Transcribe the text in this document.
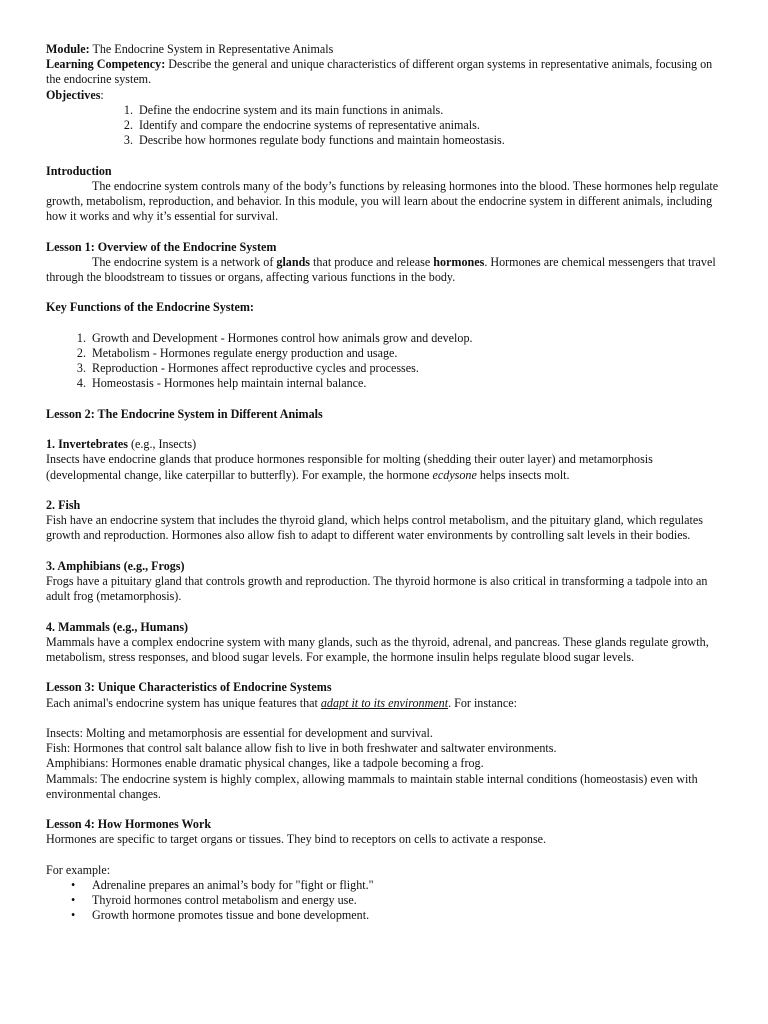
Module: The Endocrine System in Representative Animals

Learning Competency: Describe the general and unique characteristics of different organ systems in representative animals, focusing on the endocrine system.

Objectives:

1. Define the endocrine system and its main functions in animals.
2. Identify and compare the endocrine systems of representative animals.
3. Describe how hormones regulate body functions and maintain homeostasis.

Introduction

The endocrine system controls many of the body’s functions by releasing hormones into the blood. These hormones help regulate growth, metabolism, reproduction, and behavior. In this module, you will learn about the endocrine system in different animals, including how it works and why it’s essential for survival.

Lesson 1: Overview of the Endocrine System

The endocrine system is a network of glands that produce and release hormones. Hormones are chemical messengers that travel through the bloodstream to tissues or organs, affecting various functions in the body.

Key Functions of the Endocrine System:

1. Growth and Development - Hormones control how animals grow and develop.
2. Metabolism - Hormones regulate energy production and usage.
3. Reproduction - Hormones affect reproductive cycles and processes.
4. Homeostasis - Hormones help maintain internal balance.

Lesson 2: The Endocrine System in Different Animals

1. Invertebrates (e.g., Insects)

Insects have endocrine glands that produce hormones responsible for molting (shedding their outer layer) and metamorphosis (developmental change, like caterpillar to butterfly). For example, the hormone ecdysone helps insects molt.

2. Fish

Fish have an endocrine system that includes the thyroid gland, which helps control metabolism, and the pituitary gland, which regulates growth and reproduction. Hormones also allow fish to adapt to different water environments by controlling salt levels in their bodies.

3. Amphibians (e.g., Frogs)

Frogs have a pituitary gland that controls growth and reproduction. The thyroid hormone is also critical in transforming a tadpole into an adult frog (metamorphosis).

4. Mammals (e.g., Humans)

Mammals have a complex endocrine system with many glands, such as the thyroid, adrenal, and pancreas. These glands regulate growth, metabolism, stress responses, and blood sugar levels. For example, the hormone insulin helps regulate blood sugar levels.

Lesson 3: Unique Characteristics of Endocrine Systems

Each animal's endocrine system has unique features that adapt it to its environment. For instance:

Insects: Molting and metamorphosis are essential for development and survival.

Fish: Hormones that control salt balance allow fish to live in both freshwater and saltwater environments.

Amphibians: Hormones enable dramatic physical changes, like a tadpole becoming a frog.

Mammals: The endocrine system is highly complex, allowing mammals to maintain stable internal conditions (homeostasis) even with environmental changes.

Lesson 4: How Hormones Work

Hormones are specific to target organs or tissues. They bind to receptors on cells to activate a response.

For example:

• Adrenaline prepares an animal’s body for "fight or flight."
• Thyroid hormones control metabolism and energy use.
• Growth hormone promotes tissue and bone development.
